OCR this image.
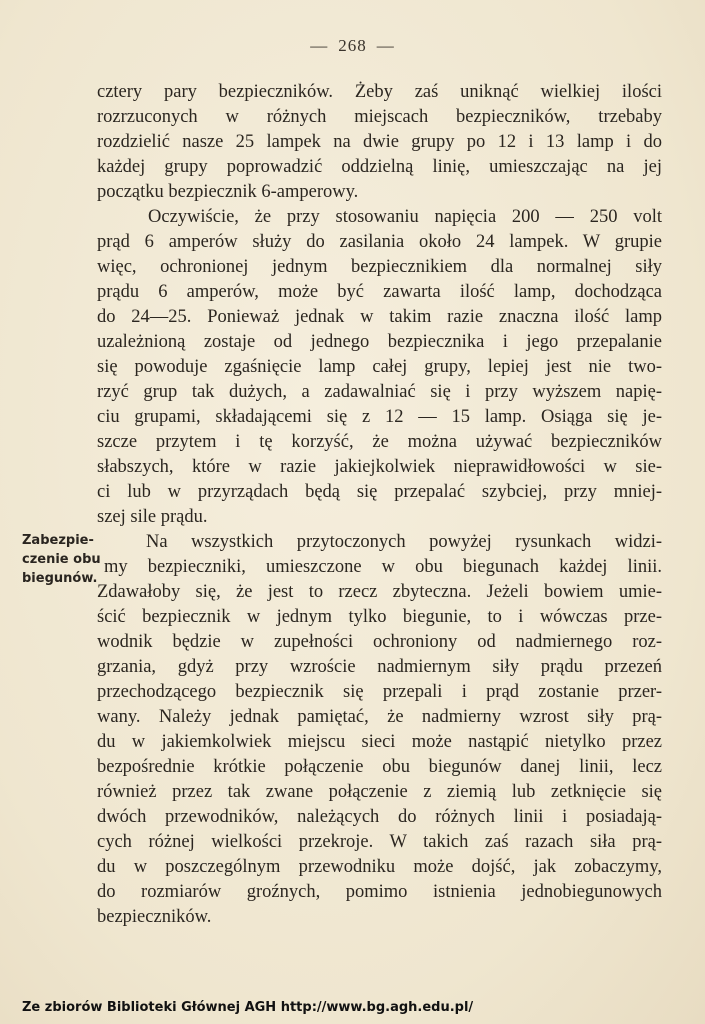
— 268 —
cztery pary bezpieczników. Żeby zaś uniknąć wielkiej ilości
rozrzuconych w różnych miejscach bezpieczników, trzebaby
rozdzielić nasze 25 lampek na dwie grupy po 12 i 13 lamp i do
każdej grupy poprowadzić oddzielną linię, umieszczając na jej
początku bezpiecznik 6-amperowy.
Oczywiście, że przy stosowaniu napięcia 200 — 250 volt
prąd 6 amperów służy do zasilania około 24 lampek. W grupie
więc, ochronionej jednym bezpiecznikiem dla normalnej siły
prądu 6 amperów, może być zawarta ilość lamp, dochodząca
do 24—25. Ponieważ jednak w takim razie znaczna ilość lamp
uzależnioną zostaje od jednego bezpiecznika i jego przepalanie
się powoduje zgaśnięcie lamp całej grupy, lepiej jest nie two-
rzyć grup tak dużych, a zadawalniać się i przy wyższem napię-
ciu grupami, składającemi się z 12 — 15 lamp. Osiąga się je-
szcze przytem i tę korzyść, że można używać bezpieczników
słabszych, które w razie jakiejkolwiek nieprawidłowości w sie-
ci lub w przyrządach będą się przepalać szybciej, przy mniej-
szej sile prądu.
Zabezpie-
czenie obu
biegunów.
Na wszystkich przytoczonych powyżej rysunkach widzi-
my bezpieczniki, umieszczone w obu biegunach każdej linii.
Zdawałoby się, że jest to rzecz zbyteczna. Jeżeli bowiem umie-
ścić bezpiecznik w jednym tylko biegunie, to i wówczas prze-
wodnik będzie w zupełności ochroniony od nadmiernego roz-
grzania, gdyż przy wzroście nadmiernym siły prądu przezeń
przechodzącego bezpiecznik się przepali i prąd zostanie przer-
wany. Należy jednak pamiętać, że nadmierny wzrost siły prą-
du w jakiemkolwiek miejscu sieci może nastąpić nietylko przez
bezpośrednie krótkie połączenie obu biegunów danej linii, lecz
również przez tak zwane połączenie z ziemią lub zetknięcie się
dwóch przewodników, należących do różnych linii i posiadają-
cych różnej wielkości przekroje. W takich zaś razach siła prą-
du w poszczególnym przewodniku może dojść, jak zobaczymy,
do rozmiarów groźnych, pomimo istnienia jednobiegunowych
bezpieczników.
Ze zbiorów Biblioteki Głównej AGH http://www.bg.agh.edu.pl/
